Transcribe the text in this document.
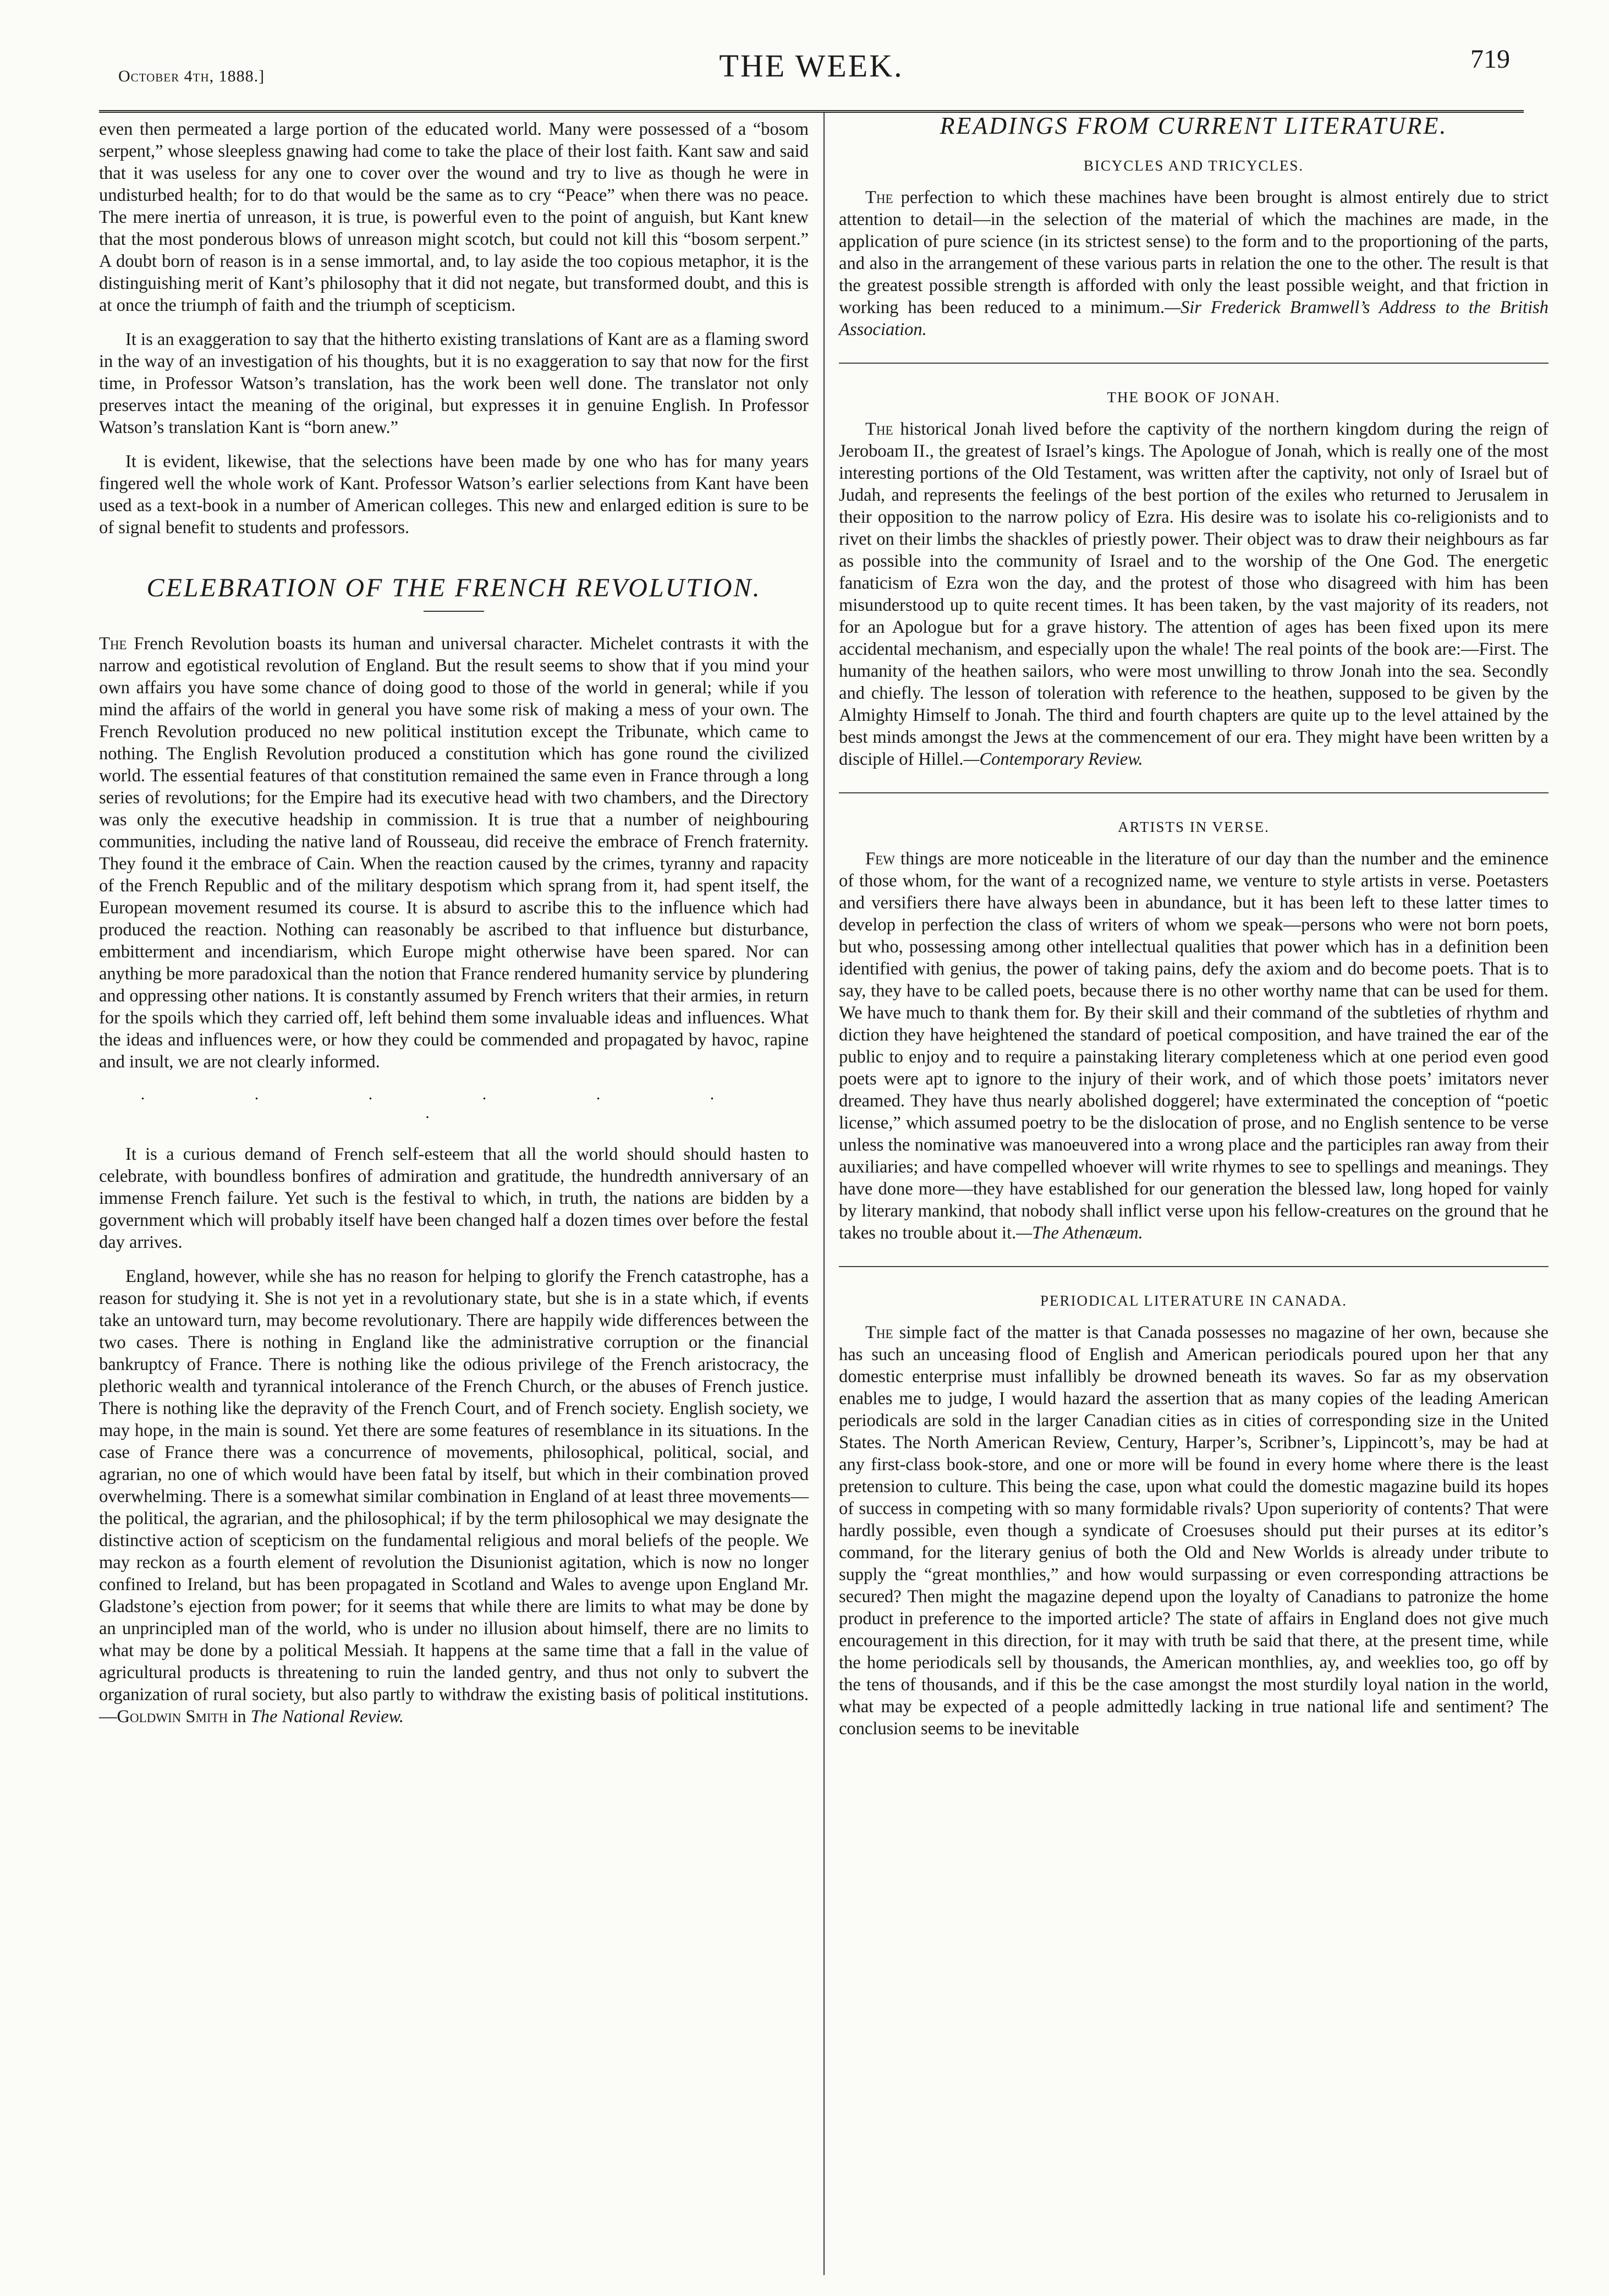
October 4th, 1888.]	THE WEEK.	719

even then permeated a large portion of the educated world. Many were possessed of a “bosom serpent,” whose sleepless gnawing had come to take the place of their lost faith. Kant saw and said that it was useless for any one to cover over the wound and try to live as though he were in undisturbed health; for to do that would be the same as to cry “Peace” when there was no peace. The mere inertia of unreason, it is true, is powerful even to the point of anguish, but Kant knew that the most ponderous blows of unreason might scotch, but could not kill this “bosom serpent.” A doubt born of reason is in a sense immortal, and, to lay aside the too copious metaphor, it is the distinguishing merit of Kant’s philosophy that it did not negate, but transformed doubt, and this is at once the triumph of faith and the triumph of scepticism.

It is an exaggeration to say that the hitherto existing translations of Kant are as a flaming sword in the way of an investigation of his thoughts, but it is no exaggeration to say that now for the first time, in Professor Watson’s translation, has the work been well done. The translator not only preserves intact the meaning of the original, but expresses it in genuine English. In Professor Watson’s translation Kant is “born anew.”

It is evident, likewise, that the selections have been made by one who has for many years fingered well the whole work of Kant. Professor Watson’s earlier selections from Kant have been used as a text-book in a number of American colleges. This new and enlarged edition is sure to be of signal benefit to students and professors.

CELEBRATION OF THE FRENCH REVOLUTION.

The French Revolution boasts its human and universal character. Michelet contrasts it with the narrow and egotistical revolution of England. But the result seems to show that if you mind your own affairs you have some chance of doing good to those of the world in general; while if you mind the affairs of the world in general you have some risk of making a mess of your own. The French Revolution produced no new political institution except the Tribunate, which came to nothing. The English Revolution produced a constitution which has gone round the civilized world. The essential features of that constitution remained the same even in France through a long series of revolutions; for the Empire had its executive head with two chambers, and the Directory was only the executive headship in commission. It is true that a number of neighbouring communities, including the native land of Rousseau, did receive the embrace of French fraternity. They found it the embrace of Cain. When the reaction caused by the crimes, tyranny and rapacity of the French Republic and of the military despotism which sprang from it, had spent itself, the European movement resumed its course. It is absurd to ascribe this to the influence which had produced the reaction. Nothing can reasonably be ascribed to that influence but disturbance, embitterment and incendiarism, which Europe might otherwise have been spared. Nor can anything be more paradoxical than the notion that France rendered humanity service by plundering and oppressing other nations. It is constantly assumed by French writers that their armies, in return for the spoils which they carried off, left behind them some invaluable ideas and influences. What the ideas and influences were, or how they could be commended and propagated by havoc, rapine and insult, we are not clearly informed.

. . . . . . .

It is a curious demand of French self-esteem that all the world should should hasten to celebrate, with boundless bonfires of admiration and gratitude, the hundredth anniversary of an immense French failure. Yet such is the festival to which, in truth, the nations are bidden by a government which will probably itself have been changed half a dozen times over before the festal day arrives.

England, however, while she has no reason for helping to glorify the French catastrophe, has a reason for studying it. She is not yet in a revolutionary state, but she is in a state which, if events take an untoward turn, may become revolutionary. There are happily wide differences between the two cases. There is nothing in England like the administrative corruption or the financial bankruptcy of France. There is nothing like the odious privilege of the French aristocracy, the plethoric wealth and tyrannical intolerance of the French Church, or the abuses of French justice. There is nothing like the depravity of the French Court, and of French society. English society, we may hope, in the main is sound. Yet there are some features of resemblance in its situations. In the case of France there was a concurrence of movements, philosophical, political, social, and agrarian, no one of which would have been fatal by itself, but which in their combination proved overwhelming. There is a somewhat similar combination in England of at least three movements—the political, the agrarian, and the philosophical; if by the term philosophical we may designate the distinctive action of scepticism on the fundamental religious and moral beliefs of the people. We may reckon as a fourth element of revolution the Disunionist agitation, which is now no longer confined to Ireland, but has been propagated in Scotland and Wales to avenge upon England Mr. Gladstone’s ejection from power; for it seems that while there are limits to what may be done by an unprincipled man of the world, who is under no illusion about himself, there are no limits to what may be done by a political Messiah. It happens at the same time that a fall in the value of agricultural products is threatening to ruin the landed gentry, and thus not only to subvert the organization of rural society, but also partly to withdraw the existing basis of political institutions.—Goldwin Smith in The National Review.

READINGS FROM CURRENT LITERATURE.
BICYCLES AND TRICYCLES.

The perfection to which these machines have been brought is almost entirely due to strict attention to detail—in the selection of the material of which the machines are made, in the application of pure science (in its strictest sense) to the form and to the proportioning of the parts, and also in the arrangement of these various parts in relation the one to the other. The result is that the greatest possible strength is afforded with only the least possible weight, and that friction in working has been reduced to a minimum.—Sir Frederick Bramwell’s Address to the British Association.

THE BOOK OF JONAH.

The historical Jonah lived before the captivity of the northern kingdom during the reign of Jeroboam II., the greatest of Israel’s kings. The Apologue of Jonah, which is really one of the most interesting portions of the Old Testament, was written after the captivity, not only of Israel but of Judah, and represents the feelings of the best portion of the exiles who returned to Jerusalem in their opposition to the narrow policy of Ezra. His desire was to isolate his co-religionists and to rivet on their limbs the shackles of priestly power. Their object was to draw their neighbours as far as possible into the community of Israel and to the worship of the One God. The energetic fanaticism of Ezra won the day, and the protest of those who disagreed with him has been misunderstood up to quite recent times. It has been taken, by the vast majority of its readers, not for an Apologue but for a grave history. The attention of ages has been fixed upon its mere accidental mechanism, and especially upon the whale! The real points of the book are:—First. The humanity of the heathen sailors, who were most unwilling to throw Jonah into the sea. Secondly and chiefly. The lesson of toleration with reference to the heathen, supposed to be given by the Almighty Himself to Jonah. The third and fourth chapters are quite up to the level attained by the best minds amongst the Jews at the commencement of our era. They might have been written by a disciple of Hillel.—Contemporary Review.

ARTISTS IN VERSE.

Few things are more noticeable in the literature of our day than the number and the eminence of those whom, for the want of a recognized name, we venture to style artists in verse. Poetasters and versifiers there have always been in abundance, but it has been left to these latter times to develop in perfection the class of writers of whom we speak—persons who were not born poets, but who, possessing among other intellectual qualities that power which has in a definition been identified with genius, the power of taking pains, defy the axiom and do become poets. That is to say, they have to be called poets, because there is no other worthy name that can be used for them. We have much to thank them for. By their skill and their command of the subtleties of rhythm and diction they have heightened the standard of poetical composition, and have trained the ear of the public to enjoy and to require a painstaking literary completeness which at one period even good poets were apt to ignore to the injury of their work, and of which those poets’ imitators never dreamed. They have thus nearly abolished doggerel; have exterminated the conception of “poetic license,” which assumed poetry to be the dislocation of prose, and no English sentence to be verse unless the nominative was manoeuvered into a wrong place and the participles ran away from their auxiliaries; and have compelled whoever will write rhymes to see to spellings and meanings. They have done more—they have established for our generation the blessed law, long hoped for vainly by literary mankind, that nobody shall inflict verse upon his fellow-creatures on the ground that he takes no trouble about it.—The Athenæum.

PERIODICAL LITERATURE IN CANADA.

The simple fact of the matter is that Canada possesses no magazine of her own, because she has such an unceasing flood of English and American periodicals poured upon her that any domestic enterprise must infallibly be drowned beneath its waves. So far as my observation enables me to judge, I would hazard the assertion that as many copies of the leading American periodicals are sold in the larger Canadian cities as in cities of corresponding size in the United States. The North American Review, Century, Harper’s, Scribner’s, Lippincott’s, may be had at any first-class book-store, and one or more will be found in every home where there is the least pretension to culture. This being the case, upon what could the domestic magazine build its hopes of success in competing with so many formidable rivals? Upon superiority of contents? That were hardly possible, even though a syndicate of Croesuses should put their purses at its editor’s command, for the literary genius of both the Old and New Worlds is already under tribute to supply the “great monthlies,” and how would surpassing or even corresponding attractions be secured? Then might the magazine depend upon the loyalty of Canadians to patronize the home product in preference to the imported article? The state of affairs in England does not give much encouragement in this direction, for it may with truth be said that there, at the present time, while the home periodicals sell by thousands, the American monthlies, ay, and weeklies too, go off by the tens of thousands, and if this be the case amongst the most sturdily loyal nation in the world, what may be expected of a people admittedly lacking in true national life and sentiment? The conclusion seems to be inevitable
